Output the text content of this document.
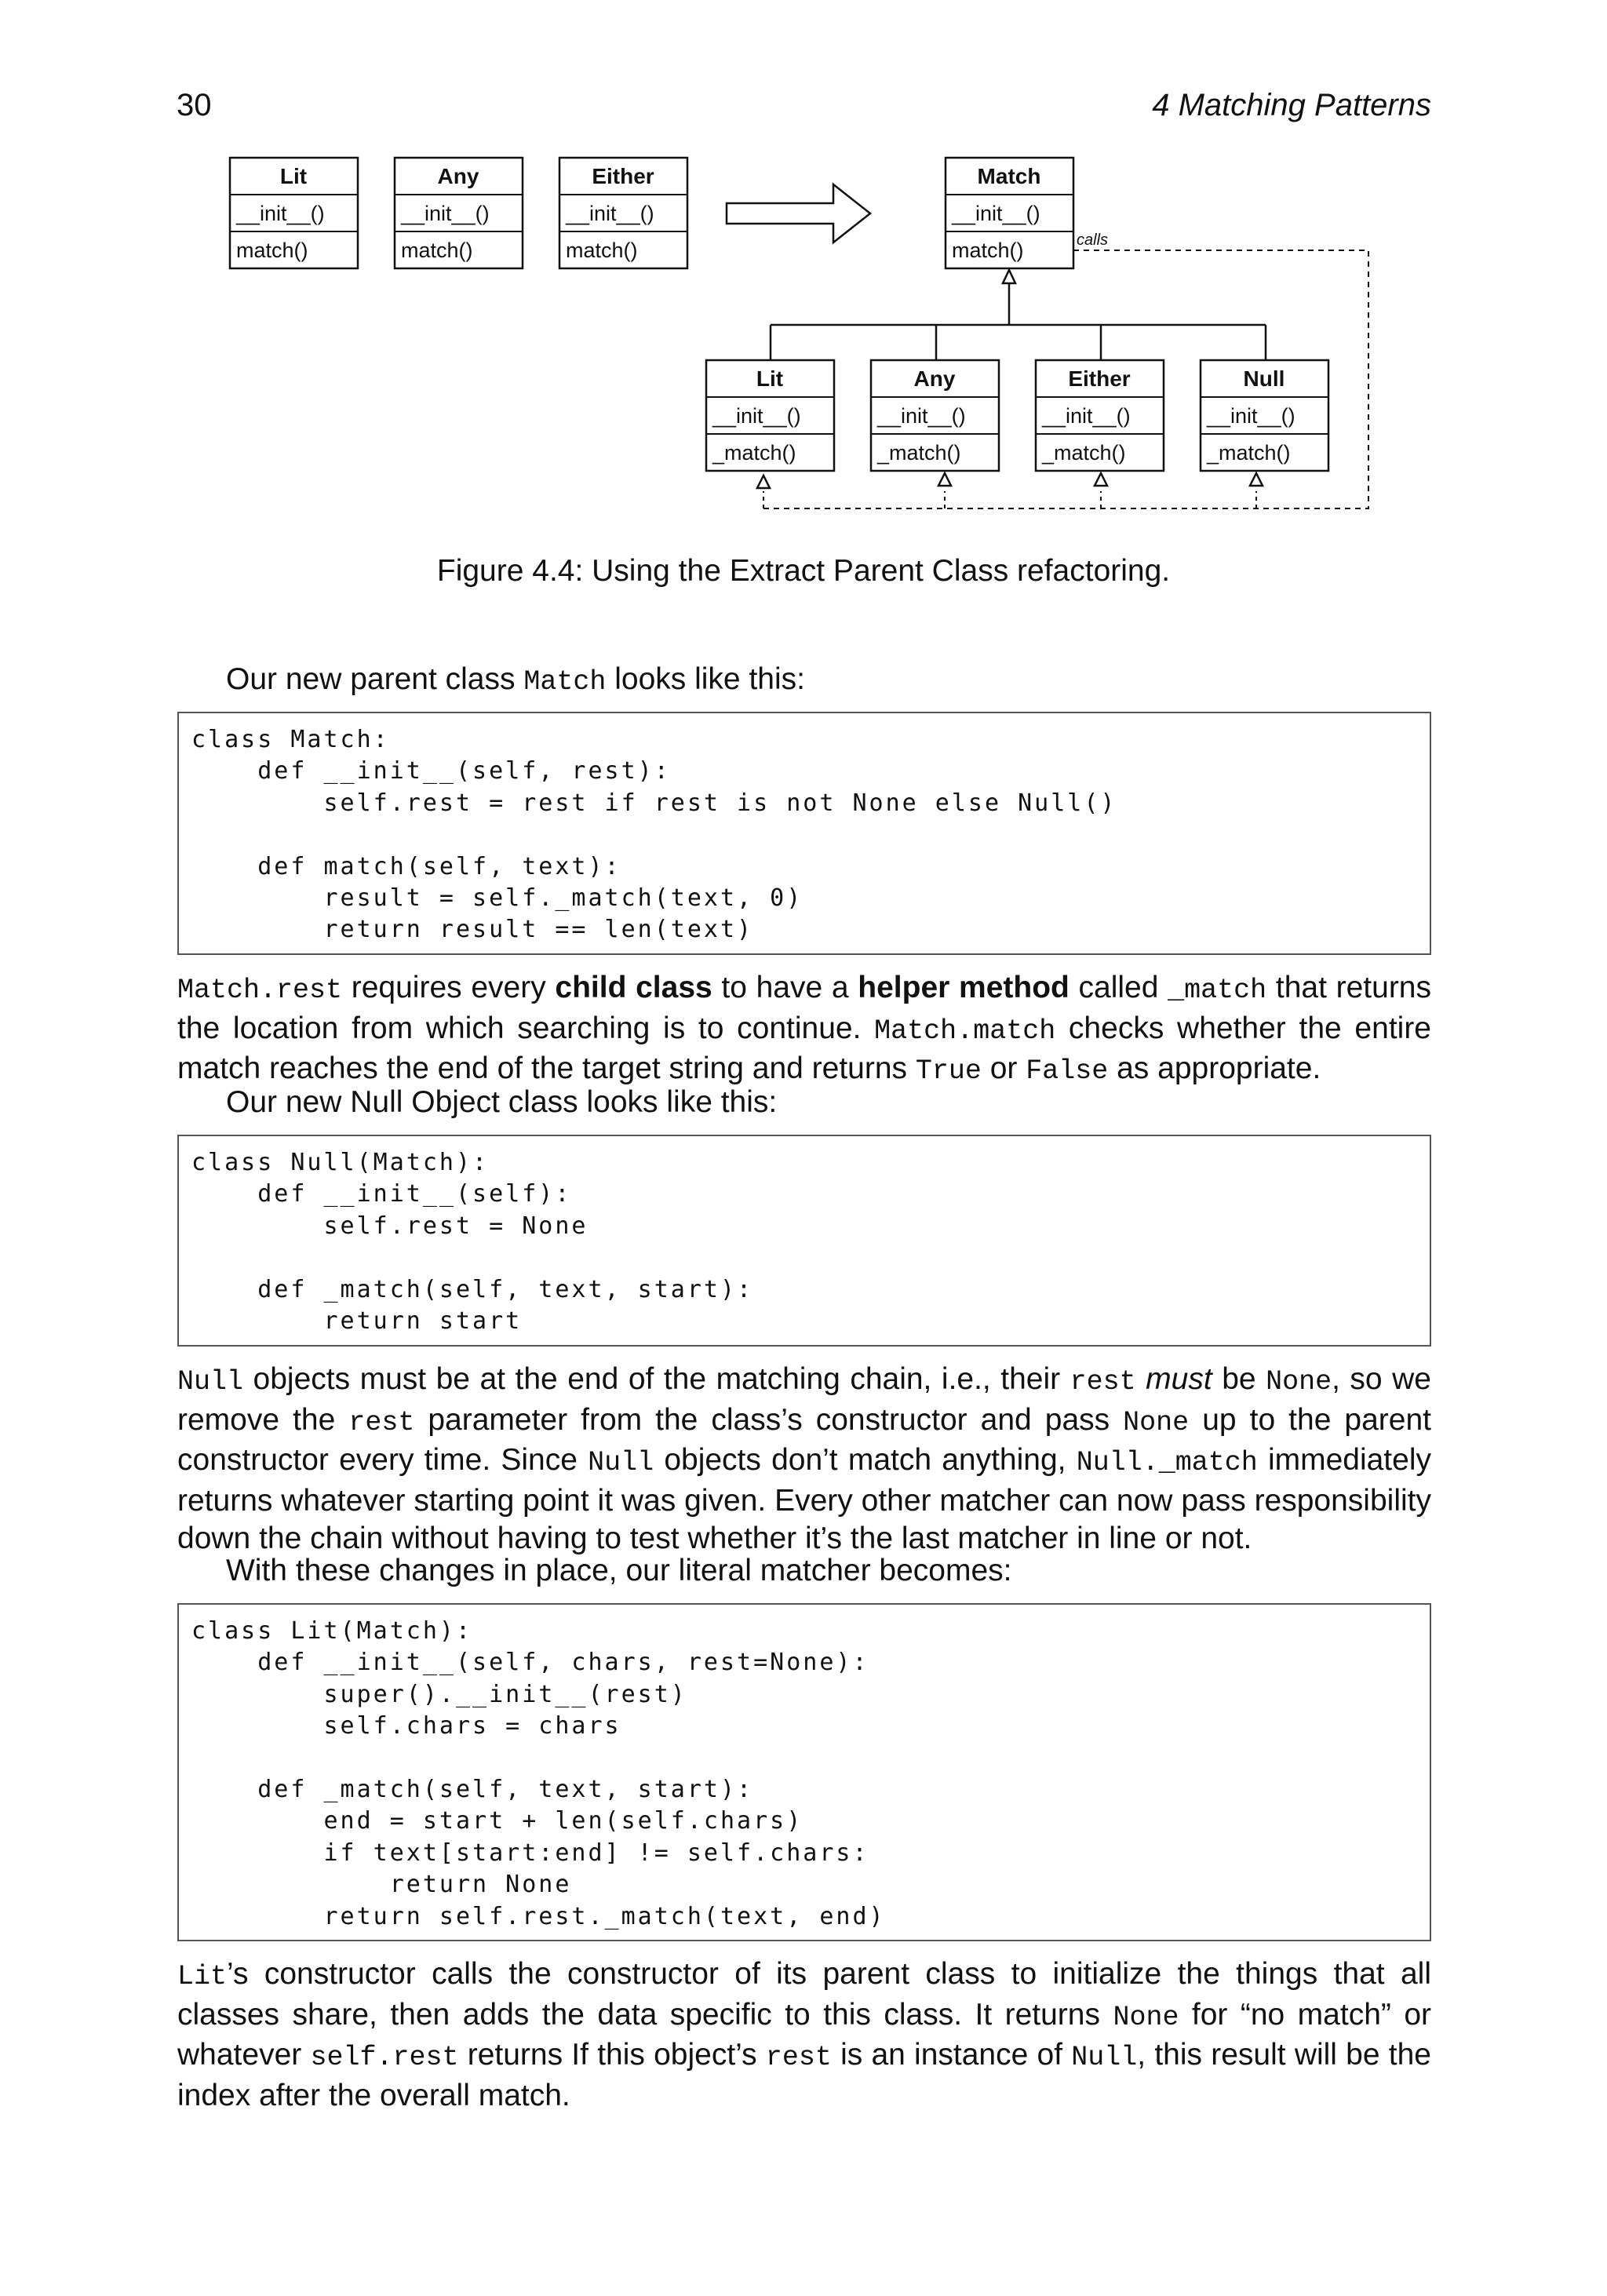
30	4 Matching Patterns
Lit
__init__()
match()
Any
__init__()
match()
Either
__init__()
match()
Match
__init__()
match()	calls
Lit
__init__()
_match()
Any
__init__()
_match()
Either
__init__()
_match()
Null
__init__()
_match()
Figure 4.4: Using the Extract Parent Class refactoring.

Our new parent class Match looks like this:

class Match:
def __init__(self, rest):
self.rest = rest if rest is not None else Null()

def match(self, text):
result = self._match(text, 0)
return result == len(text)

Match.rest requires every child class to have a helper method called _match that returns the location from which searching is to continue. Match.match checks whether the entire match reaches the end of the target string and returns True or False as appropriate.

Our new Null Object class looks like this:

class Null(Match):
def __init__(self):
self.rest = None

def _match(self, text, start):
return start

Null objects must be at the end of the matching chain, i.e., their rest must be None, so we remove the rest parameter from the class’s constructor and pass None up to the parent constructor every time. Since Null objects don’t match anything, Null._match immediately returns whatever starting point it was given. Every other matcher can now pass responsibility down the chain without having to test whether it’s the last matcher in line or not.

With these changes in place, our literal matcher becomes:

class Lit(Match):
def __init__(self, chars, rest=None):
super().__init__(rest)
self.chars = chars

def _match(self, text, start):
end = start + len(self.chars)
if text[start:end] != self.chars:
return None
return self.rest._match(text, end)

Lit’s constructor calls the constructor of its parent class to initialize the things that all classes share, then adds the data specific to this class. It returns None for “no match” or whatever self.rest returns If this object’s rest is an instance of Null, this result will be the index after the overall match.
